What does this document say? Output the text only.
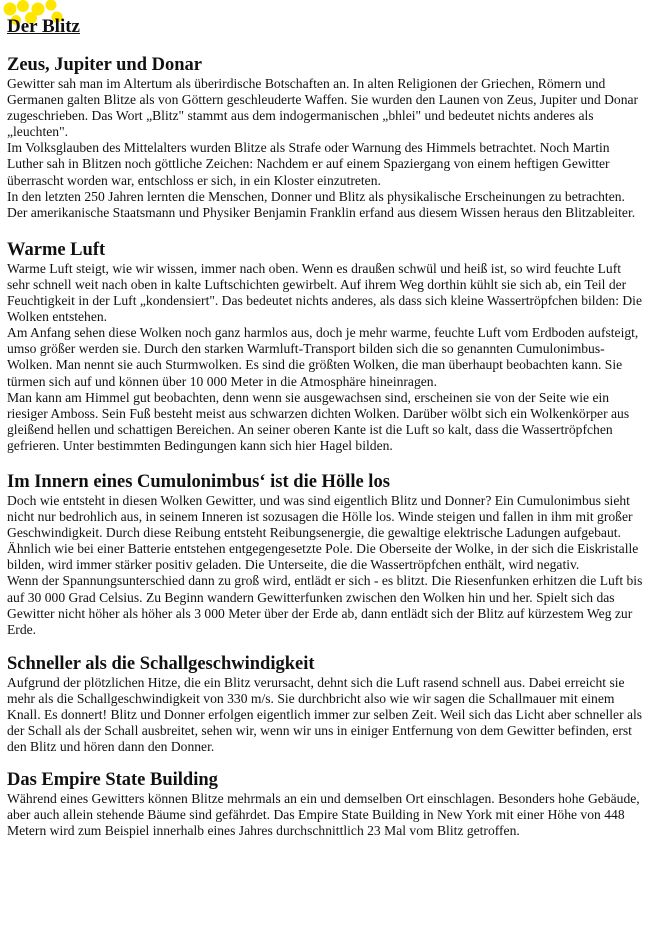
Der Blitz
Zeus, Jupiter und Donar

Gewitter sah man im Altertum als überirdische Botschaften an. In alten Religionen der Griechen, Römern und Germanen galten Blitze als von Göttern geschleuderte Waffen. Sie wurden den Launen von Zeus, Jupiter und Donar zugeschrieben. Das Wort „Blitz" stammt aus dem indogermanischen „bhlei" und bedeutet nichts anderes als „leuchten".

Im Volksglauben des Mittelalters wurden Blitze als Strafe oder Warnung des Himmels betrachtet. Noch Martin Luther sah in Blitzen noch göttliche Zeichen: Nachdem er auf einem Spaziergang von einem heftigen Gewitter überrascht worden war, entschloss er sich, in ein Kloster einzutreten.

In den letzten 250 Jahren lernten die Menschen, Donner und Blitz als physikalische Erscheinungen zu betrachten. Der amerikanische Staatsmann und Physiker Benjamin Franklin erfand aus diesem Wissen heraus den Blitzableiter.

Warme Luft

Warme Luft steigt, wie wir wissen, immer nach oben. Wenn es draußen schwül und heiß ist, so wird feuchte Luft sehr schnell weit nach oben in kalte Luftschichten gewirbelt. Auf ihrem Weg dorthin kühlt sie sich ab, ein Teil der Feuchtigkeit in der Luft „kondensiert". Das bedeutet nichts anderes, als dass sich kleine Wassertröpfchen bilden: Die Wolken entstehen.

Am Anfang sehen diese Wolken noch ganz harmlos aus, doch je mehr warme, feuchte Luft vom Erdboden aufsteigt, umso größer werden sie. Durch den starken Warmluft-Transport bilden sich die so genannten Cumulonimbus-Wolken. Man nennt sie auch Sturmwolken. Es sind die größten Wolken, die man überhaupt beobachten kann. Sie türmen sich auf und können über 10 000 Meter in die Atmosphäre hineinragen.

Man kann am Himmel gut beobachten, denn wenn sie ausgewachsen sind, erscheinen sie von der Seite wie ein riesiger Amboss. Sein Fuß besteht meist aus schwarzen dichten Wolken. Darüber wölbt sich ein Wolkenkörper aus gleißend hellen und schattigen Bereichen. An seiner oberen Kante ist die Luft so kalt, dass die Wassertröpfchen gefrieren. Unter bestimmten Bedingungen kann sich hier Hagel bilden.

Im Innern eines Cumulonimbus‘ ist die Hölle los

Doch wie entsteht in diesen Wolken Gewitter, und was sind eigentlich Blitz und Donner? Ein Cumulonimbus sieht nicht nur bedrohlich aus, in seinem Inneren ist sozusagen die Hölle los. Winde steigen und fallen in ihm mit großer Geschwindigkeit. Durch diese Reibung entsteht Reibungsenergie, die gewaltige elektrische Ladungen aufgebaut. Ähnlich wie bei einer Batterie entstehen entgegengesetzte Pole. Die Oberseite der Wolke, in der sich die Eiskristalle bilden, wird immer stärker positiv geladen. Die Unterseite, die die Wassertröpfchen enthält, wird negativ.

Wenn der Spannungsunterschied dann zu groß wird, entlädt er sich - es blitzt. Die Riesenfunken erhitzen die Luft bis auf 30 000 Grad Celsius. Zu Beginn wandern Gewitterfunken zwischen den Wolken hin und her. Spielt sich das Gewitter nicht höher als höher als 3 000 Meter über der Erde ab, dann entlädt sich der Blitz auf kürzestem Weg zur Erde.

Schneller als die Schallgeschwindigkeit

Aufgrund der plötzlichen Hitze, die ein Blitz verursacht, dehnt sich die Luft rasend schnell aus. Dabei erreicht sie mehr als die Schallgeschwindigkeit von 330 m/s. Sie durchbricht also wie wir sagen die Schallmauer mit einem Knall. Es donnert! Blitz und Donner erfolgen eigentlich immer zur selben Zeit. Weil sich das Licht aber schneller als der Schall als der Schall ausbreitet, sehen wir, wenn wir uns in einiger Entfernung von dem Gewitter befinden, erst den Blitz und hören dann den Donner.

Das Empire State Building

Während eines Gewitters können Blitze mehrmals an ein und demselben Ort einschlagen. Besonders hohe Gebäude, aber auch allein stehende Bäume sind gefährdet. Das Empire State Building in New York mit einer Höhe von 448 Metern wird zum Beispiel innerhalb eines Jahres durchschnittlich 23 Mal vom Blitz getroffen.
